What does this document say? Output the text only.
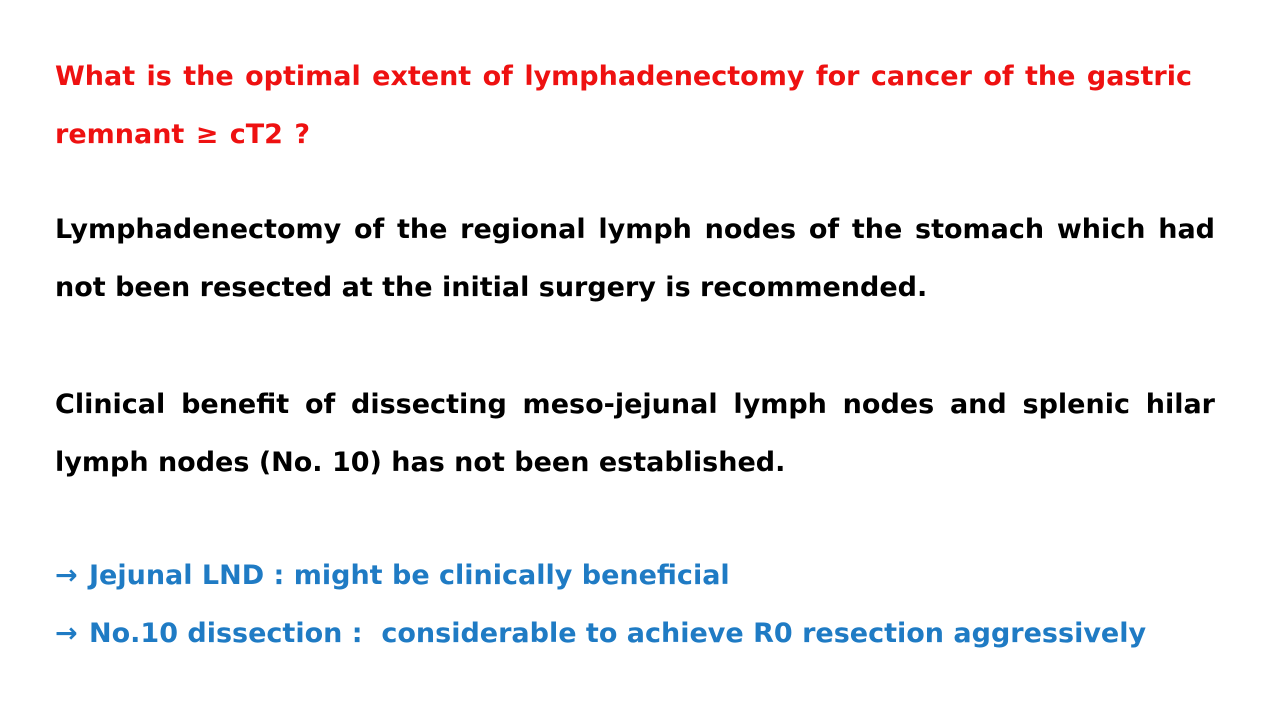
What is the optimal extent of lymphadenectomy for cancer of the gastric remnant ≥ cT2 ?
Lymphadenectomy of the regional lymph nodes of the stomach which had not been resected at the initial surgery is recommended.
Clinical benefit of dissecting meso-jejunal lymph nodes and splenic hilar lymph nodes (No. 10) has not been established.
→ Jejunal LND : might be clinically beneficial
→ No.10 dissection :  considerable to achieve R0 resection aggressively
